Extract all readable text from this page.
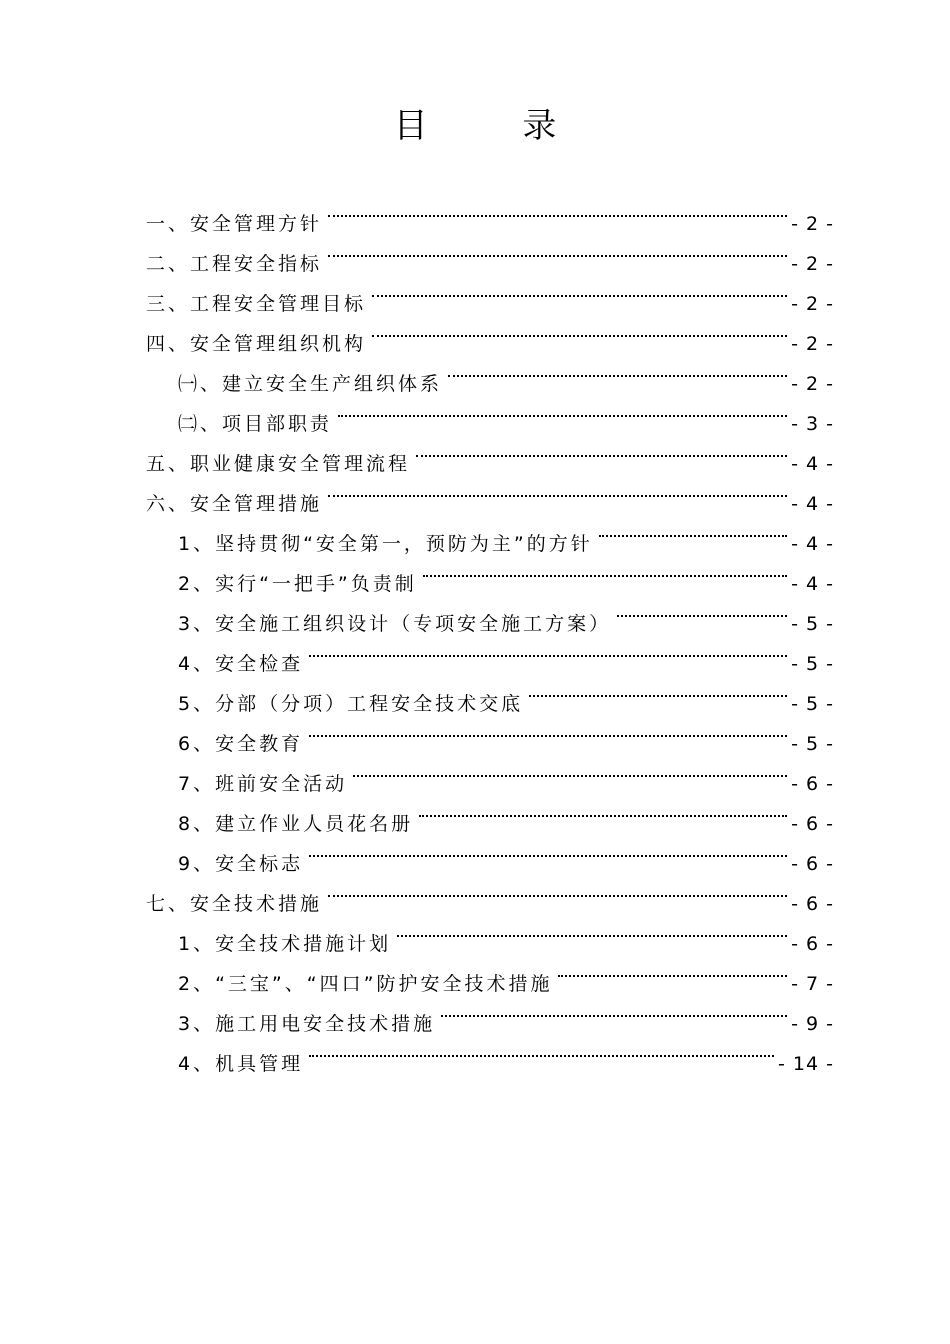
目 录
一、安全管理方针	- 2 -
二、工程安全指标	- 2 -
三、工程安全管理目标	- 2 -
四、安全管理组织机构	- 2 -
㈠、建立安全生产组织体系	- 2 -
㈡、项目部职责	- 3 -
五、职业健康安全管理流程	- 4 -
六、安全管理措施	- 4 -
1、坚持贯彻“安全第一，预防为主”的方针	- 4 -
2、实行“一把手”负责制	- 4 -
3、安全施工组织设计（专项安全施工方案）	- 5 -
4、安全检查	- 5 -
5、分部（分项）工程安全技术交底	- 5 -
6、安全教育	- 5 -
7、班前安全活动	- 6 -
8、建立作业人员花名册	- 6 -
9、安全标志	- 6 -
七、安全技术措施	- 6 -
1、安全技术措施计划	- 6 -
2、“三宝”、“四口”防护安全技术措施	- 7 -
3、施工用电安全技术措施	- 9 -
4、机具管理	- 14 -
